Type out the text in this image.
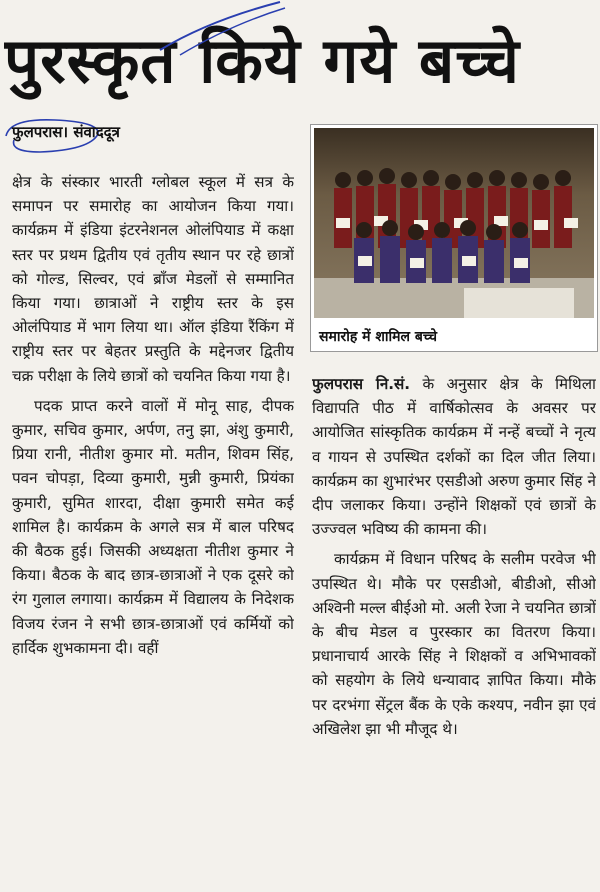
पुरस्कृत किये गये बच्चे
फुलपरास। संवाददूत्र

क्षेत्र के संस्कार भारती ग्लोबल स्कूल में सत्र के समापन पर समारोह का आयोजन किया गया। कार्यक्रम में इंडिया इंटरनेशनल ओलंपियाड में कक्षा स्तर पर प्रथम द्वितीय एवं तृतीय स्थान पर रहे छात्रों को गोल्ड, सिल्वर, एवं ब्रॉंज मेडलों से सम्मानित किया गया। छात्राओं ने राष्ट्रीय स्तर के इस ओलंपियाड में भाग लिया था। ऑल इंडिया रैंकिंग में राष्ट्रीय स्तर पर बेहतर प्रस्तुति के मद्देनजर द्वितीय चक्र परीक्षा के लिये छात्रों को चयनित किया गया है।

पदक प्राप्त करने वालों में मोनू साह, दीपक कुमार, सचिव कुमार, अर्पण, तनु झा, अंशु कुमारी, प्रिया रानी, नीतीश कुमार मो. मतीन, शिवम सिंह, पवन चोपड़ा, दिव्या कुमारी, मुन्नी कुमारी, प्रियंका कुमारी, सुमित शारदा, दीक्षा कुमारी समेत कई शामिल है। कार्यक्रम के अगले सत्र में बाल परिषद की बैठक हुई। जिसकी अध्यक्षता नीतीश कुमार ने किया। बैठक के बाद छात्र-छात्राओं ने एक दूसरे को रंग गुलाल लगाया। कार्यक्रम में विद्यालय के निदेशक विजय रंजन ने सभी छात्र-छात्राओं एवं कर्मियों को हार्दिक शुभकामना दी। वहीं

समारोह में शामिल बच्चे

फुलपरास नि.सं. के अनुसार क्षेत्र के मिथिला विद्यापति पीठ में वार्षिकोत्सव के अवसर पर आयोजित सांस्कृतिक कार्यक्रम में नन्हें बच्चों ने नृत्य व गायन से उपस्थित दर्शकों का दिल जीत लिया। कार्यक्रम का शुभारंभर एसडीओ अरुण कुमार सिंह ने दीप जलाकर किया। उन्होंने शिक्षकों एवं छात्रों के उज्ज्वल भविष्य की कामना की।

कार्यक्रम में विधान परिषद के सलीम परवेज भी उपस्थित थे। मौके पर एसडीओ, बीडीओ, सीओ अश्विनी मल्ल बीईओ मो. अली रेजा ने चयनित छात्रों के बीच मेडल व पुरस्कार का वितरण किया। प्रधानाचार्य आरके सिंह ने शिक्षकों व अभिभावकों को सहयोग के लिये धन्यावाद ज्ञापित किया। मौके पर दरभंगा सेंट्रल बैंक के एके कश्यप, नवीन झा एवं अखिलेश झा भी मौजूद थे।
